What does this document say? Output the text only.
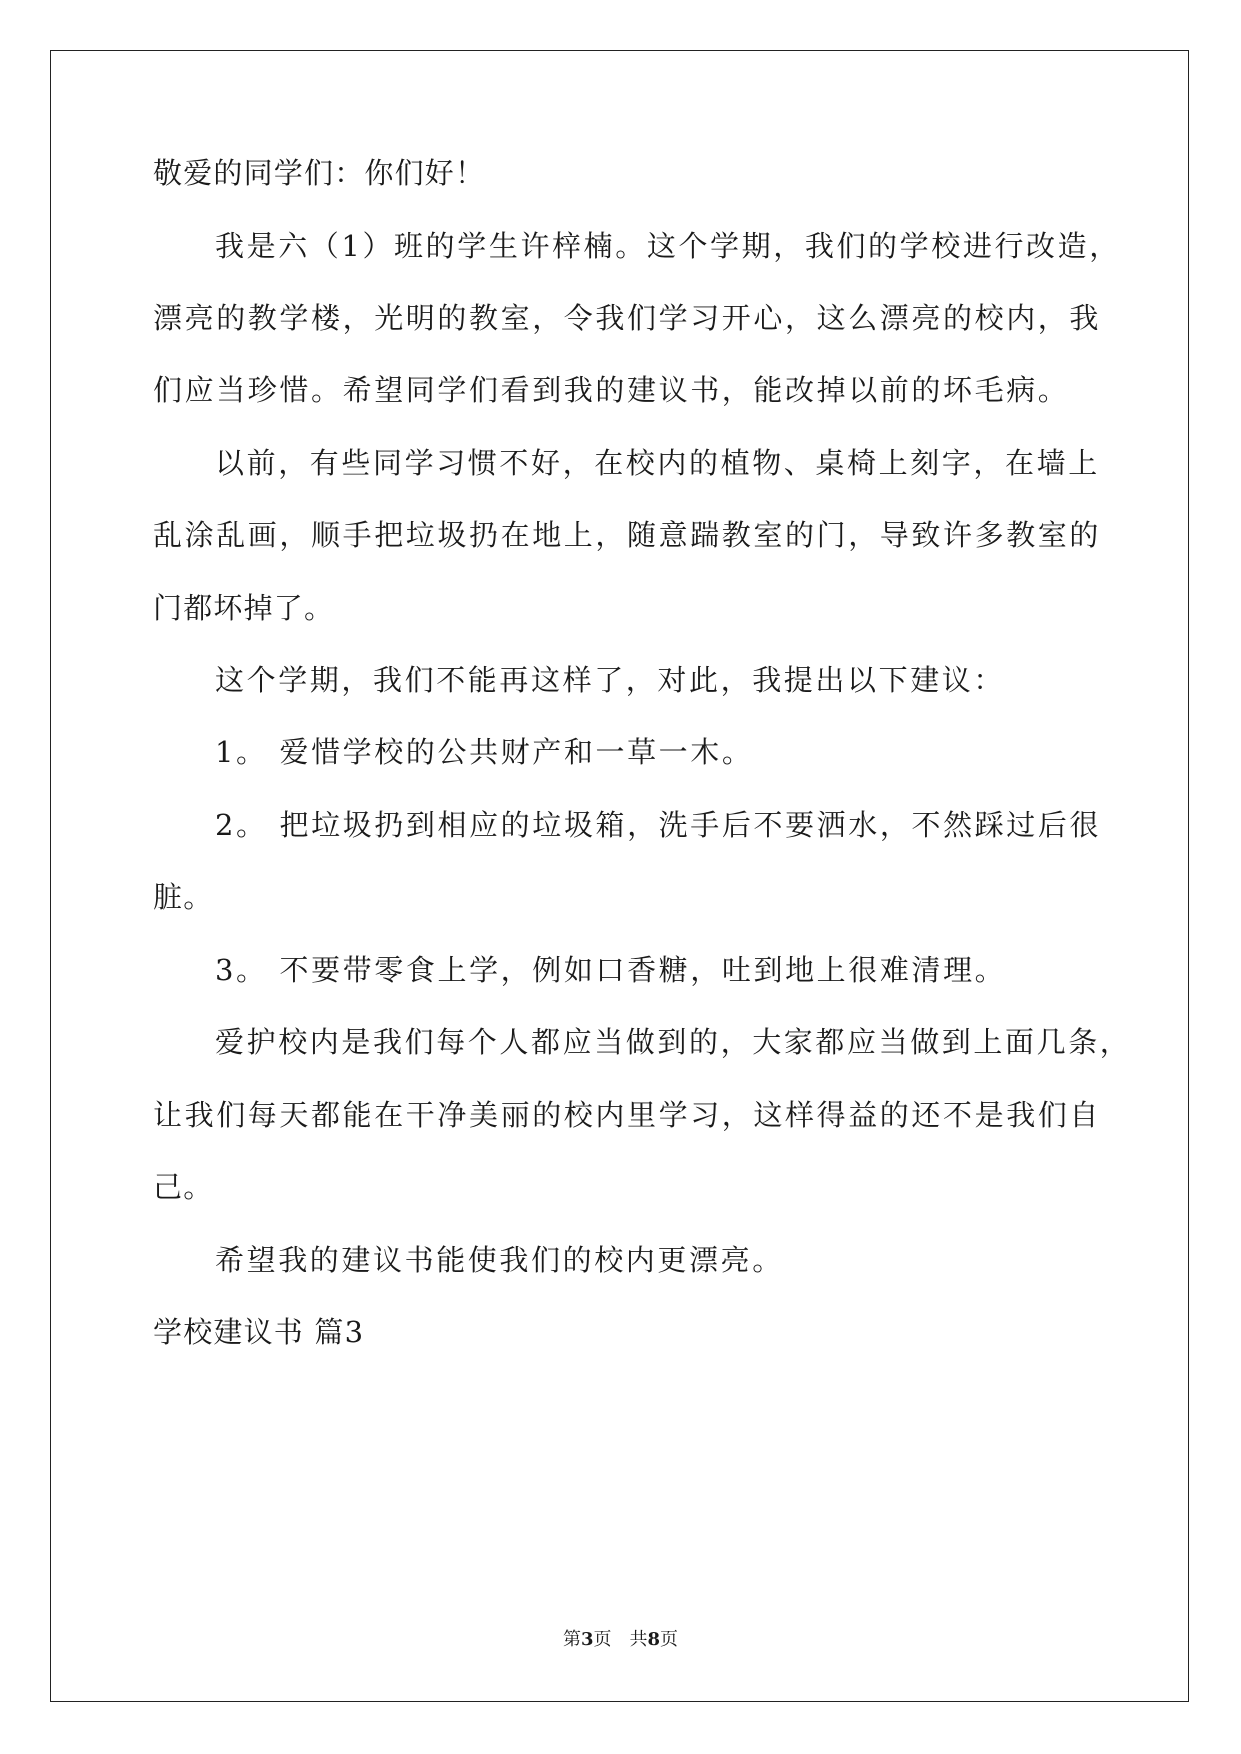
敬爱的同学们：你们好！
我是六（1）班的学生许梓楠。这个学期，我们的学校进行改造，
漂亮的教学楼，光明的教室，令我们学习开心，这么漂亮的校内，我
们应当珍惜。希望同学们看到我的建议书，能改掉以前的坏毛病。
以前，有些同学习惯不好，在校内的植物、桌椅上刻字，在墙上
乱涂乱画，顺手把垃圾扔在地上，随意踹教室的门，导致许多教室的
门都坏掉了。
这个学期，我们不能再这样了，对此，我提出以下建议：
1。 爱惜学校的公共财产和一草一木。
2。 把垃圾扔到相应的垃圾箱，洗手后不要洒水，不然踩过后很
脏。
3。 不要带零食上学，例如口香糖，吐到地上很难清理。
爱护校内是我们每个人都应当做到的，大家都应当做到上面几条，
让我们每天都能在干净美丽的校内里学习，这样得益的还不是我们自
己。
希望我的建议书能使我们的校内更漂亮。
学校建议书 篇3
第3页　共8页
